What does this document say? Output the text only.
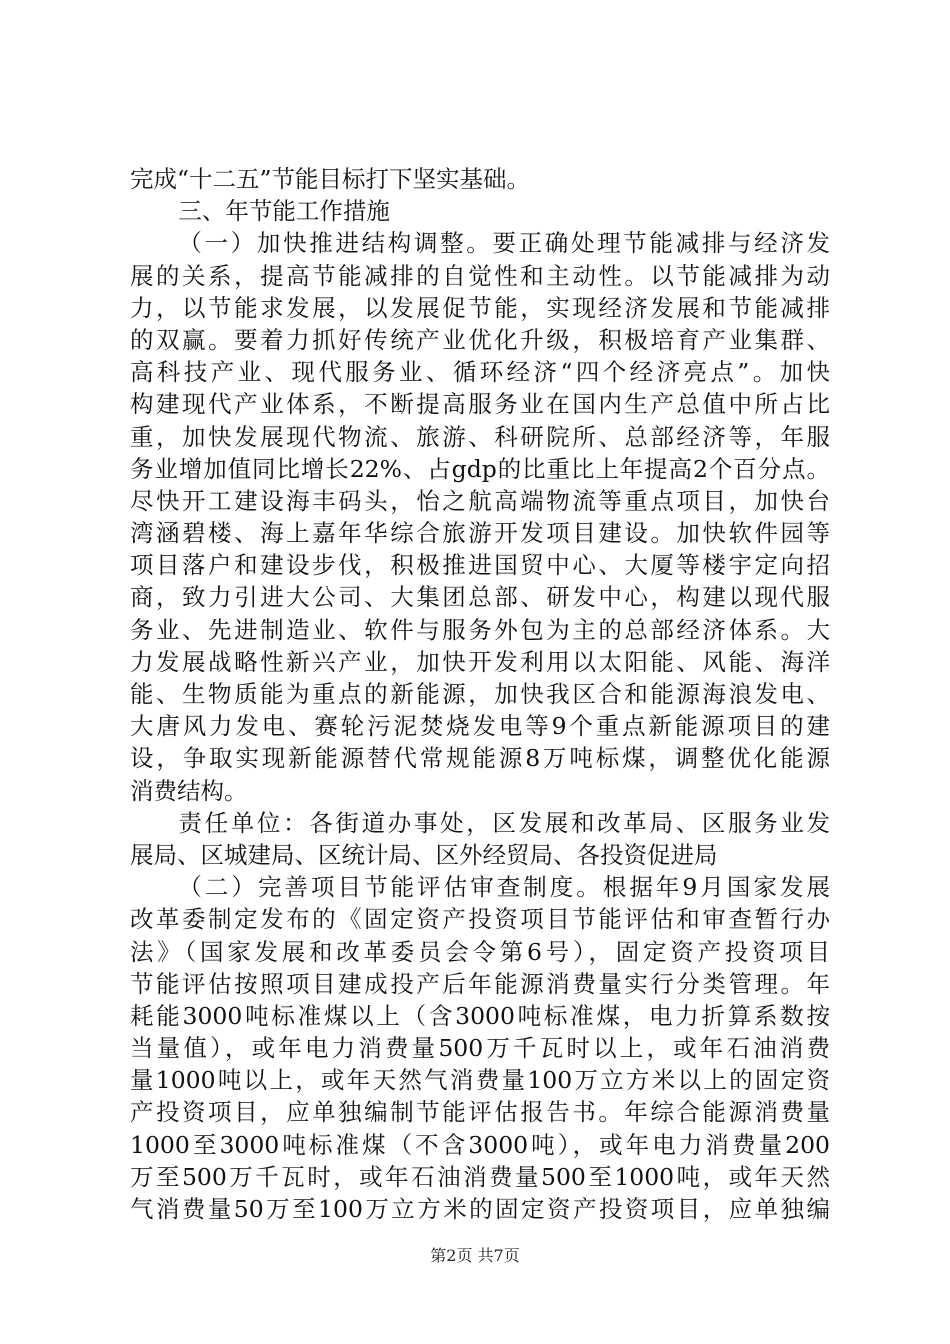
完成“十二五”节能目标打下坚实基础。
三、年节能工作措施
（一）加快推进结构调整。要正确处理节能减排与经济发
展的关系，提高节能减排的自觉性和主动性。以节能减排为动
力，以节能求发展，以发展促节能，实现经济发展和节能减排
的双赢。要着力抓好传统产业优化升级，积极培育产业集群、
高科技产业、现代服务业、循环经济“四个经济亮点”。加快
构建现代产业体系，不断提高服务业在国内生产总值中所占比
重，加快发展现代物流、旅游、科研院所、总部经济等，年服
务业增加值同比增长22%、占gdp的比重比上年提高2个百分点。
尽快开工建设海丰码头，怡之航高端物流等重点项目，加快台
湾涵碧楼、海上嘉年华综合旅游开发项目建设。加快软件园等
项目落户和建设步伐，积极推进国贸中心、大厦等楼宇定向招
商，致力引进大公司、大集团总部、研发中心，构建以现代服
务业、先进制造业、软件与服务外包为主的总部经济体系。大
力发展战略性新兴产业，加快开发利用以太阳能、风能、海洋
能、生物质能为重点的新能源，加快我区合和能源海浪发电、
大唐风力发电、赛轮污泥焚烧发电等9个重点新能源项目的建
设，争取实现新能源替代常规能源8万吨标煤，调整优化能源
消费结构。
责任单位：各街道办事处，区发展和改革局、区服务业发
展局、区城建局、区统计局、区外经贸局、各投资促进局
（二）完善项目节能评估审查制度。根据年9月国家发展
改革委制定发布的《固定资产投资项目节能评估和审查暂行办
法》（国家发展和改革委员会令第6号），固定资产投资项目
节能评估按照项目建成投产后年能源消费量实行分类管理。年
耗能3000吨标准煤以上（含3000吨标准煤，电力折算系数按
当量值），或年电力消费量500万千瓦时以上，或年石油消费
量1000吨以上，或年天然气消费量100万立方米以上的固定资
产投资项目，应单独编制节能评估报告书。年综合能源消费量
1000至3000吨标准煤（不含3000吨），或年电力消费量200
万至500万千瓦时，或年石油消费量500至1000吨，或年天然
气消费量50万至100万立方米的固定资产投资项目，应单独编
第2页 共7页
